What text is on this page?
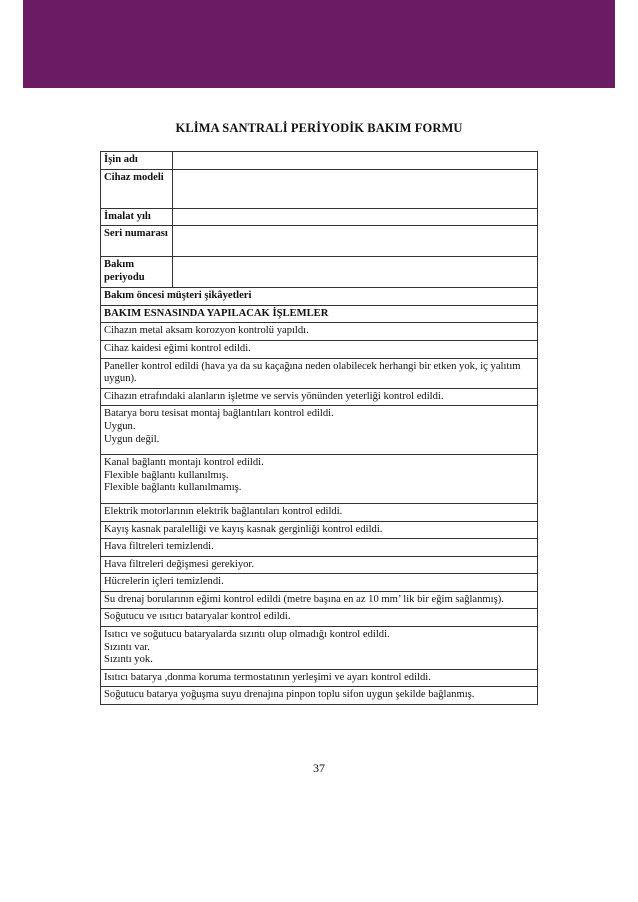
KLİMA SANTRALİ PERİYODİK BAKIM FORMU
İşin adı	
Cihaz modeli	
İmalat yılı	
Seri numarası	
Bakım periyodu	
Bakım öncesi müşteri şikâyetleri	
BAKIM ESNASINDA YAPILACAK İŞLEMLER	

Cihazın metal aksam korozyon kontrolü yapıldı.	

Cihaz kaidesi eğimi kontrol edildi.	

Paneller kontrol edildi (hava ya da su kaçağına neden olabilecek herhangi bir etken yok, iç yalıtım uygun).	

Cihazın etrafındaki alanların işletme ve servis yönünden yeterliği kontrol edildi.	

Batarya boru tesisat montaj bağlantıları kontrol edildi.
Uygun.
Uygun değil.	

Kanal bağlantı montajı kontrol edildi.
Flexible bağlantı kullanılmış.
Flexible bağlantı kullanılmamış.	

Elektrik motorlarının elektrik bağlantıları kontrol edildi.	

Kayış kasnak paralelliği ve kayış kasnak gerginliği kontrol edildi.	

Hava filtreleri temizlendi.	

Hava filtreleri değişmesi gerekiyor.	

Hücrelerin içleri temizlendi.	

Su drenaj borularının eğimi kontrol edildi (metre başına en az 10 mm’ lik bir eğim sağlanmış).	

Soğutucu ve ısıtıcı bataryalar kontrol edildi.	

Isıtıcı ve soğutucu bataryalarda sızıntı olup olmadığı kontrol edildi.
Sızıntı var.
Sızıntı yok.	

Isıtıcı batarya ,donma koruma termostatının yerleşimi ve ayarı kontrol edildi.	

Soğutucu batarya yoğuşma suyu drenajına pinpon toplu sifon uygun şekilde bağlanmış.	
37
